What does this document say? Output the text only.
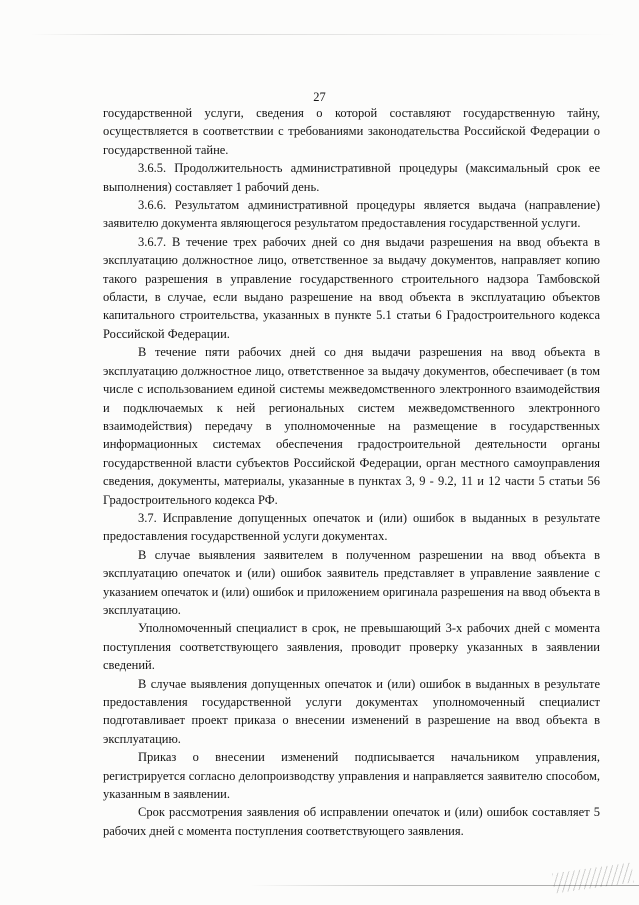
27

государственной услуги, сведения о которой составляют государственную тайну, осуществляется в соответствии с требованиями законодательства Российской Федерации о государственной тайне.

3.6.5. Продолжительность административной процедуры (максимальный срок ее выполнения) составляет 1 рабочий день.

3.6.6. Результатом административной процедуры является выдача (направление) заявителю документа являющегося результатом предоставления государственной услуги.

3.6.7. В течение трех рабочих дней со дня выдачи разрешения на ввод объекта в эксплуатацию должностное лицо, ответственное за выдачу документов, направляет копию такого разрешения в управление государственного строительного надзора Тамбовской области, в случае, если выдано разрешение на ввод объекта в эксплуатацию объектов капитального строительства, указанных в пункте 5.1 статьи 6 Градостроительного кодекса Российской Федерации.

В течение пяти рабочих дней со дня выдачи разрешения на ввод объекта в эксплуатацию должностное лицо, ответственное за выдачу документов, обеспечивает (в том числе с использованием единой системы межведомственного электронного взаимодействия и подключаемых к ней региональных систем межведомственного электронного взаимодействия) передачу в уполномоченные на размещение в государственных информационных системах обеспечения градостроительной деятельности органы государственной власти субъектов Российской Федерации, орган местного самоуправления сведения, документы, материалы, указанные в пунктах 3, 9 - 9.2, 11 и 12 части 5 статьи 56 Градостроительного кодекса РФ.

3.7. Исправление допущенных опечаток и (или) ошибок в выданных в результате предоставления государственной услуги документах.

В случае выявления заявителем в полученном разрешении на ввод объекта в эксплуатацию опечаток и (или) ошибок заявитель представляет в управление заявление с указанием опечаток и (или) ошибок и приложением оригинала разрешения на ввод объекта в эксплуатацию.

Уполномоченный специалист в срок, не превышающий 3-х рабочих дней с момента поступления соответствующего заявления, проводит проверку указанных в заявлении сведений.

В случае выявления допущенных опечаток и (или) ошибок в выданных в результате предоставления государственной услуги документах уполномоченный специалист подготавливает проект приказа о внесении изменений в разрешение на ввод объекта в эксплуатацию.

Приказ о внесении изменений подписывается начальником управления, регистрируется согласно делопроизводству управления и направляется заявителю способом, указанным в заявлении.

Срок рассмотрения заявления об исправлении опечаток и (или) ошибок составляет 5 рабочих дней с момента поступления соответствующего заявления.
